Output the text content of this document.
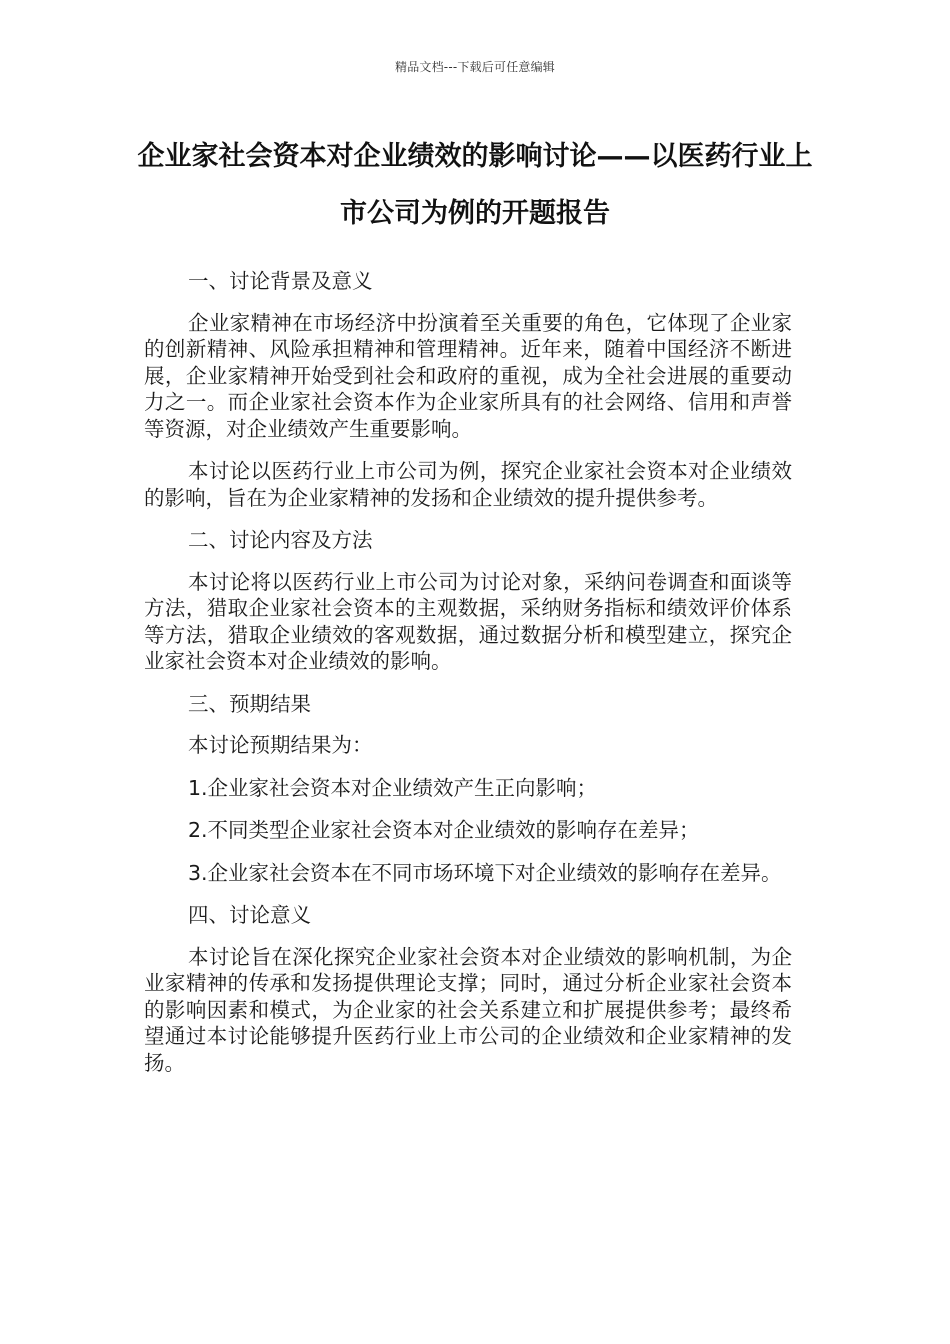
精品文档---下载后可任意编辑
企业家社会资本对企业绩效的影响讨论——以医药行业上市公司为例的开题报告

一、讨论背景及意义

企业家精神在市场经济中扮演着至关重要的角色，它体现了企业家的创新精神、风险承担精神和管理精神。近年来，随着中国经济不断进展，企业家精神开始受到社会和政府的重视，成为全社会进展的重要动力之一。而企业家社会资本作为企业家所具有的社会网络、信用和声誉等资源，对企业绩效产生重要影响。

本讨论以医药行业上市公司为例，探究企业家社会资本对企业绩效的影响，旨在为企业家精神的发扬和企业绩效的提升提供参考。

二、讨论内容及方法

本讨论将以医药行业上市公司为讨论对象，采纳问卷调查和面谈等方法，猎取企业家社会资本的主观数据，采纳财务指标和绩效评价体系等方法，猎取企业绩效的客观数据，通过数据分析和模型建立，探究企业家社会资本对企业绩效的影响。

三、预期结果

本讨论预期结果为：

1.企业家社会资本对企业绩效产生正向影响；

2.不同类型企业家社会资本对企业绩效的影响存在差异；

3.企业家社会资本在不同市场环境下对企业绩效的影响存在差异。

四、讨论意义

本讨论旨在深化探究企业家社会资本对企业绩效的影响机制，为企业家精神的传承和发扬提供理论支撑；同时，通过分析企业家社会资本的影响因素和模式，为企业家的社会关系建立和扩展提供参考；最终希望通过本讨论能够提升医药行业上市公司的企业绩效和企业家精神的发扬。
